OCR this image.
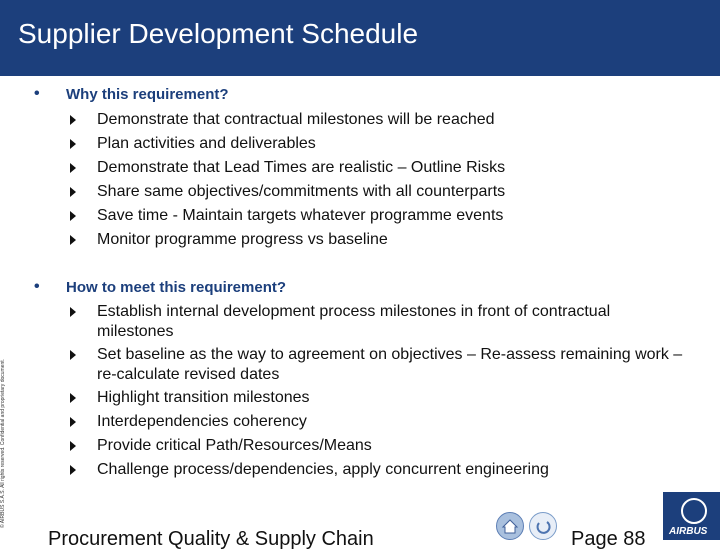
Supplier Development Schedule
• Why this requirement?
Demonstrate that contractual milestones will be reached
Plan activities and deliverables
Demonstrate that Lead Times are realistic – Outline Risks
Share same objectives/commitments with all counterparts
Save time - Maintain targets whatever programme events
Monitor programme progress vs baseline
• How to meet this requirement?
Establish internal development process milestones in front of contractual milestones
Set baseline as the way to agreement on objectives – Re-assess remaining work – re-calculate revised dates
Highlight transition milestones
Interdependencies coherency
Provide critical Path/Resources/Means
Challenge process/dependencies, apply concurrent engineering
© AIRBUS S.A.S. All rights reserved. Confidential and proprietary document.
Procurement Quality & Supply Chain	Page 88 AIRBUS
